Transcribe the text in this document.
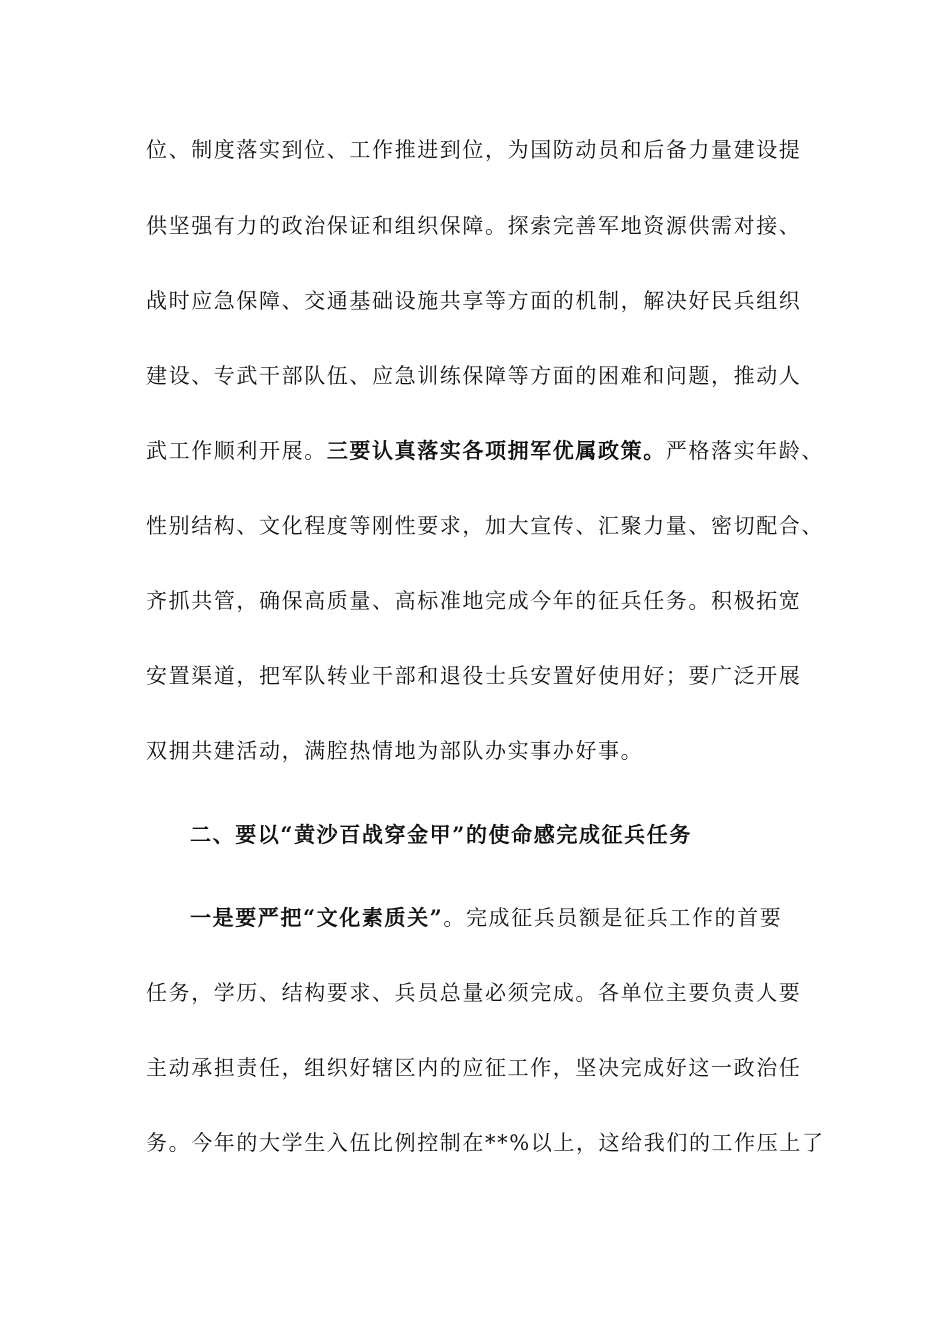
位、制度落实到位、工作推进到位，为国防动员和后备力量建设提
供坚强有力的政治保证和组织保障。探索完善军地资源供需对接、
战时应急保障、交通基础设施共享等方面的机制，解决好民兵组织
建设、专武干部队伍、应急训练保障等方面的困难和问题，推动人
武工作顺利开展。三要认真落实各项拥军优属政策。严格落实年龄、
性别结构、文化程度等刚性要求，加大宣传、汇聚力量、密切配合、
齐抓共管，确保高质量、高标准地完成今年的征兵任务。积极拓宽
安置渠道，把军队转业干部和退役士兵安置好使用好；要广泛开展
双拥共建活动，满腔热情地为部队办实事办好事。
二、要以“黄沙百战穿金甲”的使命感完成征兵任务
一是要严把“文化素质关”。完成征兵员额是征兵工作的首要
任务，学历、结构要求、兵员总量必须完成。各单位主要负责人要
主动承担责任，组织好辖区内的应征工作，坚决完成好这一政治任
务。今年的大学生入伍比例控制在**%以上，这给我们的工作压上了
